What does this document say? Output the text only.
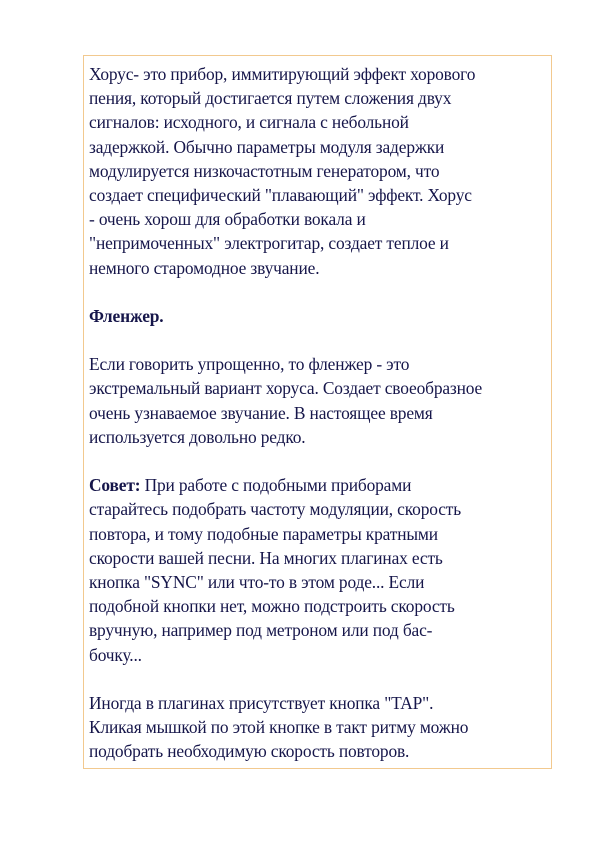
Хорус- это прибор, иммитирующий эффект хорового
пения, который достигается путем сложения двух
сигналов: исходного, и сигнала с небольной
задержкой. Обычно параметры модуля задержки
модулируется низкочастотным генератором, что
создает специфический "плавающий" эффект. Хорус
- очень хорош для обработки вокала и
"непримоченных" электрогитар, создает теплое и
немного старомодное звучание.
Фленжер.
Если говорить упрощенно, то фленжер - это
экстремальный вариант хоруса. Создает своеобразное
очень узнаваемое звучание. В настоящее время
используется довольно редко.
Совет: При работе с подобными приборами
старайтесь подобрать частоту модуляции, скорость
повтора, и тому подобные параметры кратными
скорости вашей песни. На многих плагинах есть
кнопка "SYNC" или что-то в этом роде... Если
подобной кнопки нет, можно подстроить скорость
вручную, например под метроном или под бас-
бочку...
Иногда в плагинах присутствует кнопка "TAP".
Кликая мышкой по этой кнопке в такт ритму можно
подобрать необходимую скорость повторов.
